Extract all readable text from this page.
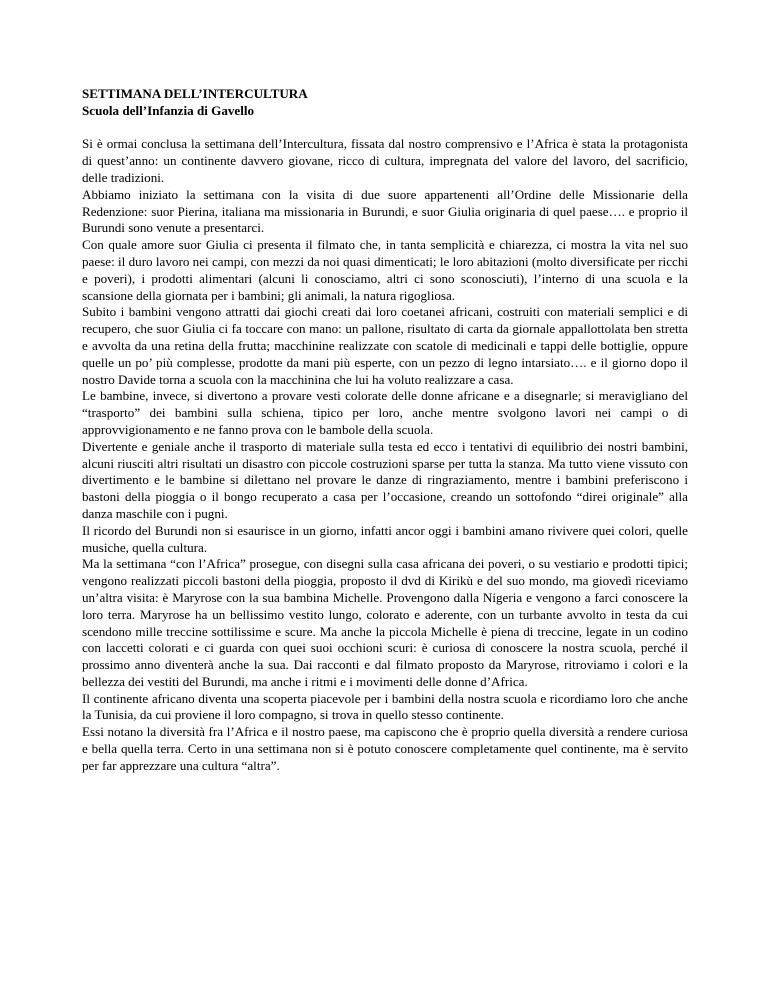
SETTIMANA DELL’INTERCULTURA

Scuola dell’Infanzia di Gavello

Si è ormai conclusa la settimana dell’Intercultura, fissata dal nostro comprensivo e l’Africa è stata la protagonista di quest’anno: un continente davvero giovane, ricco di cultura, impregnata del valore del lavoro, del sacrificio, delle tradizioni.

Abbiamo iniziato la settimana con la visita di due suore appartenenti all’Ordine delle Missionarie della Redenzione: suor Pierina, italiana ma missionaria in Burundi, e suor Giulia originaria di quel paese…. e proprio il Burundi sono venute a presentarci.

Con quale amore suor Giulia ci presenta il filmato che, in tanta semplicità e chiarezza, ci mostra la vita nel suo paese: il duro lavoro nei campi, con mezzi da noi quasi dimenticati; le loro abitazioni (molto diversificate per ricchi e poveri), i prodotti alimentari (alcuni li conosciamo, altri ci sono sconosciuti), l’interno di una scuola e la scansione della giornata per i bambini; gli animali, la natura rigogliosa.

Subito i bambini vengono attratti dai giochi creati dai loro coetanei africani, costruiti con materiali semplici e di recupero, che suor Giulia ci fa toccare con mano: un pallone, risultato di carta da giornale appallottolata ben stretta e avvolta da una retina della frutta; macchinine realizzate con scatole di medicinali e tappi delle bottiglie, oppure quelle un po’ più complesse, prodotte da mani più esperte, con un pezzo di legno intarsiato…. e il giorno dopo il nostro Davide torna a scuola con la macchinina che lui ha voluto realizzare a casa.

Le bambine, invece, si divertono a provare vesti colorate delle donne africane e a disegnarle; si meravigliano del “trasporto” dei bambini sulla schiena, tipico per loro, anche mentre svolgono lavori nei campi o di approvvigionamento e ne fanno prova con le bambole della scuola.

Divertente e geniale anche il trasporto di materiale sulla testa ed ecco i tentativi di equilibrio dei nostri bambini, alcuni riusciti altri risultati un disastro con piccole costruzioni sparse per tutta la stanza. Ma tutto viene vissuto con divertimento e le bambine si dilettano nel provare le danze di ringraziamento, mentre i bambini preferiscono i bastoni della pioggia o il bongo recuperato a casa per l’occasione, creando un sottofondo “direi originale” alla danza maschile con i pugni.

Il ricordo del Burundi non si esaurisce in un giorno, infatti ancor oggi i bambini amano rivivere quei colori, quelle musiche, quella cultura.

Ma la settimana “con l’Africa” prosegue, con disegni sulla casa africana dei poveri, o su vestiario e prodotti tipici; vengono realizzati piccoli bastoni della pioggia, proposto il dvd di Kirikù e del suo mondo, ma giovedì riceviamo un’altra visita: è Maryrose con la sua bambina Michelle. Provengono dalla Nigeria e vengono a farci conoscere la loro terra. Maryrose ha un bellissimo vestito lungo, colorato e aderente, con un turbante avvolto in testa da cui scendono mille treccine sottilissime e scure. Ma anche la piccola Michelle è piena di treccine, legate in un codino con laccetti colorati e ci guarda con quei suoi occhioni scuri: è curiosa di conoscere la nostra scuola, perché il prossimo anno diventerà anche la sua. Dai racconti e dal filmato proposto da Maryrose, ritroviamo i colori e la bellezza dei vestiti del Burundi, ma anche i ritmi e i movimenti delle donne d’Africa.

Il continente africano diventa una scoperta piacevole per i bambini della nostra scuola e ricordiamo loro che anche la Tunisia, da cui proviene il loro compagno, si trova in quello stesso continente.

Essi notano la diversità fra l’Africa e il nostro paese, ma capiscono che è proprio quella diversità a rendere curiosa e bella quella terra. Certo in una settimana non si è potuto conoscere completamente quel continente, ma è servito per far apprezzare una cultura “altra”.
